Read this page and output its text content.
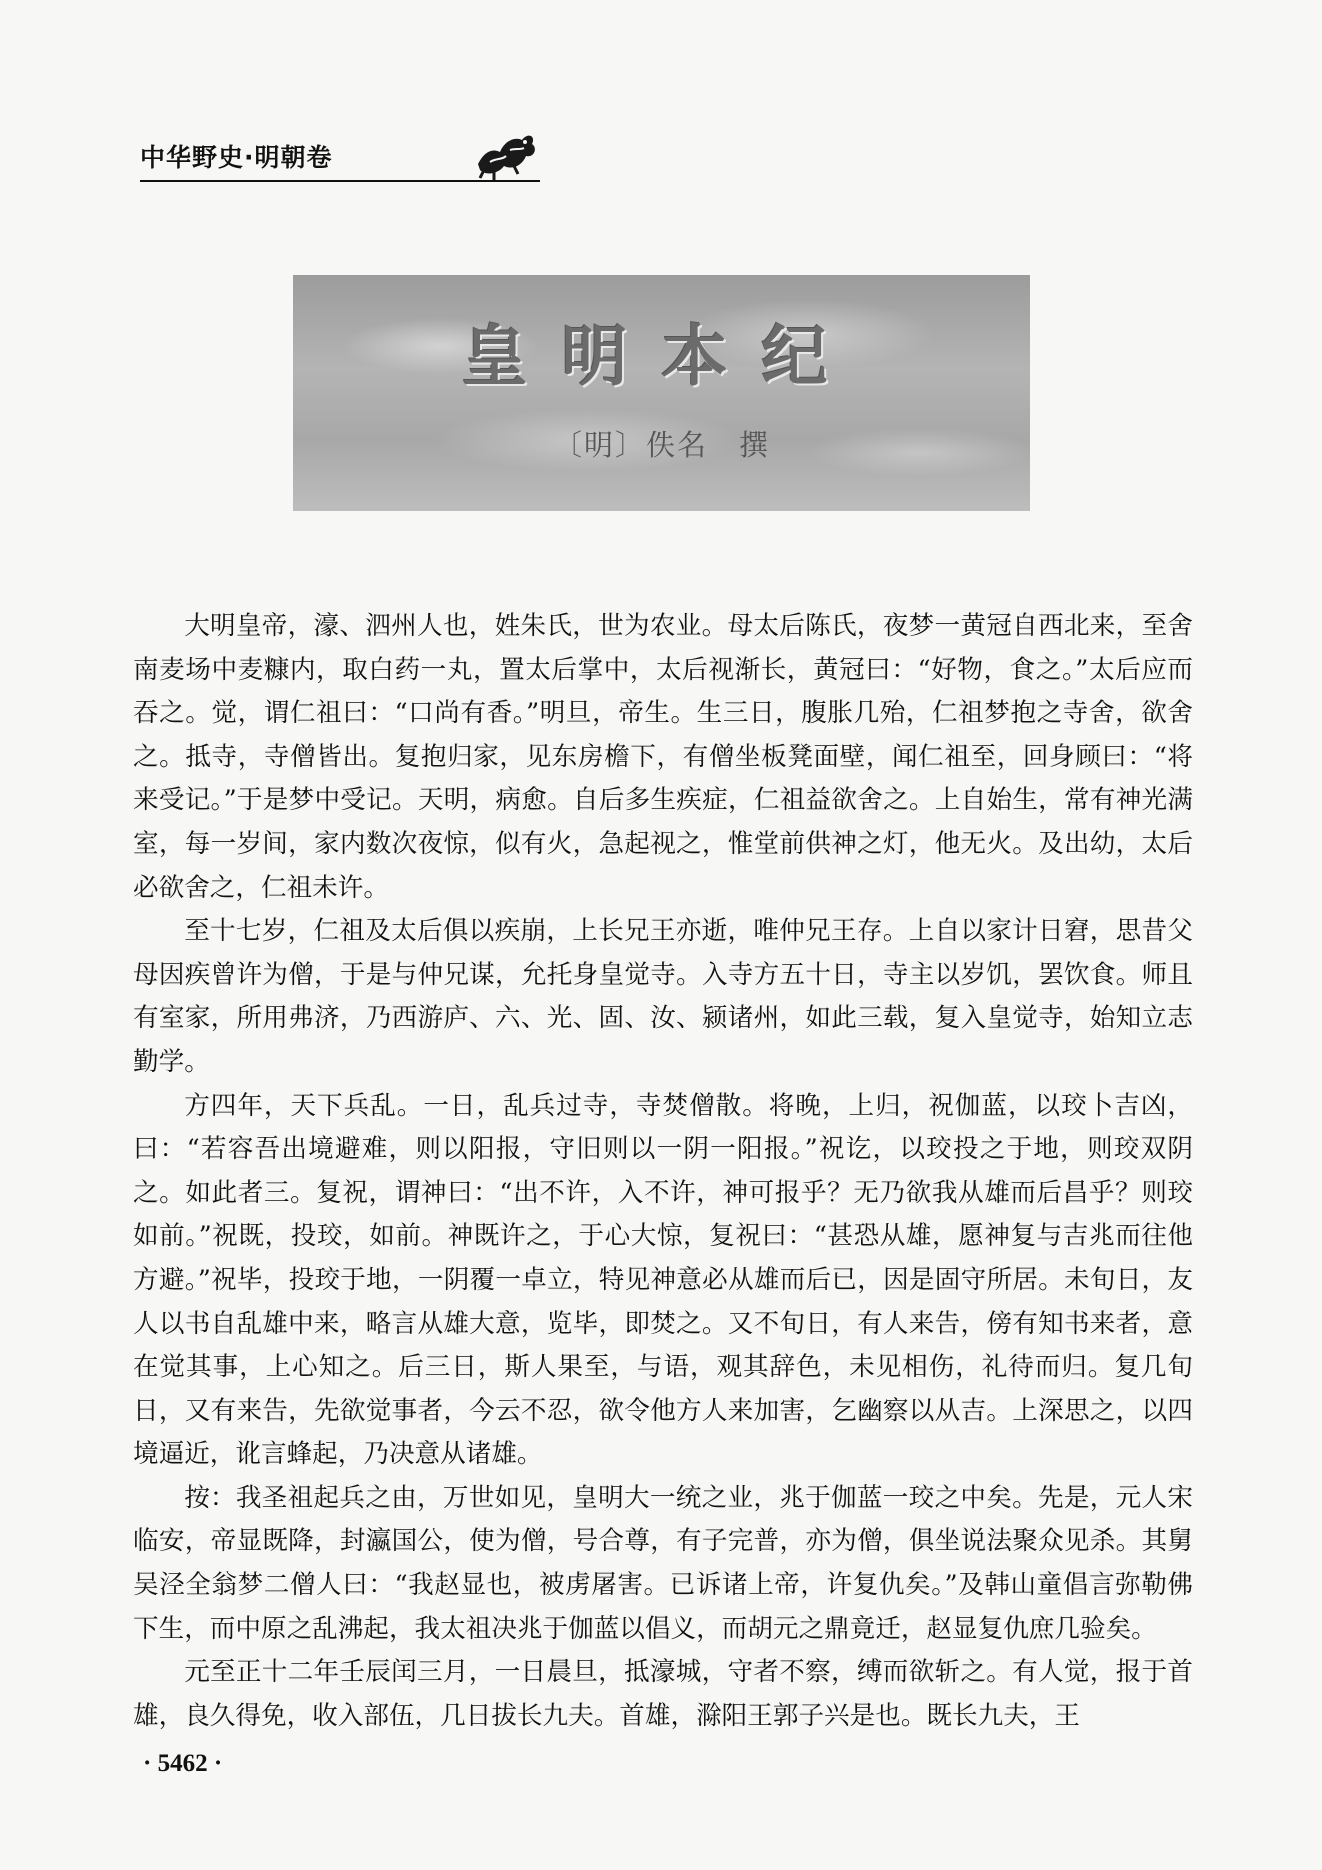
中华野史·明朝卷
皇明本纪
〔明〕佚名　撰

大明皇帝，濠、泗州人也，姓朱氏，世为农业。母太后陈氏，夜梦一黄冠自西北来，至舍南麦场中麦糠内，取白药一丸，置太后掌中，太后视渐长，黄冠曰：“好物，食之。”太后应而吞之。觉，谓仁祖曰：“口尚有香。”明旦，帝生。生三日，腹胀几殆，仁祖梦抱之寺舍，欲舍之。抵寺，寺僧皆出。复抱归家，见东房檐下，有僧坐板凳面壁，闻仁祖至，回身顾曰：“将来受记。”于是梦中受记。天明，病愈。自后多生疾症，仁祖益欲舍之。上自始生，常有神光满室，每一岁间，家内数次夜惊，似有火，急起视之，惟堂前供神之灯，他无火。及出幼，太后必欲舍之，仁祖未许。

至十七岁，仁祖及太后俱以疾崩，上长兄王亦逝，唯仲兄王存。上自以家计日窘，思昔父母因疾曾许为僧，于是与仲兄谋，允托身皇觉寺。入寺方五十日，寺主以岁饥，罢饮食。师且有室家，所用弗济，乃西游庐、六、光、固、汝、颍诸州，如此三载，复入皇觉寺，始知立志勤学。

方四年，天下兵乱。一日，乱兵过寺，寺焚僧散。将晚，上归，祝伽蓝，以珓卜吉凶，曰：“若容吾出境避难，则以阳报，守旧则以一阴一阳报。”祝讫，以珓投之于地，则珓双阴之。如此者三。复祝，谓神曰：“出不许，入不许，神可报乎？无乃欲我从雄而后昌乎？则珓如前。”祝既，投珓，如前。神既许之，于心大惊，复祝曰：“甚恐从雄，愿神复与吉兆而往他方避。”祝毕，投珓于地，一阴覆一卓立，特见神意必从雄而后已，因是固守所居。未旬日，友人以书自乱雄中来，略言从雄大意，览毕，即焚之。又不旬日，有人来告，傍有知书来者，意在觉其事，上心知之。后三日，斯人果至，与语，观其辞色，未见相伤，礼待而归。复几旬日，又有来告，先欲觉事者，今云不忍，欲令他方人来加害，乞幽察以从吉。上深思之，以四境逼近，讹言蜂起，乃决意从诸雄。

按：我圣祖起兵之由，万世如见，皇明大一统之业，兆于伽蓝一珓之中矣。先是，元人宋临安，帝显既降，封瀛国公，使为僧，号合尊，有子完普，亦为僧，俱坐说法聚众见杀。其舅吴泾全翁梦二僧人曰：“我赵显也，被虏屠害。已诉诸上帝，许复仇矣。”及韩山童倡言弥勒佛下生，而中原之乱沸起，我太祖决兆于伽蓝以倡义，而胡元之鼎竟迁，赵显复仇庶几验矣。

元至正十二年壬辰闰三月，一日晨旦，抵濠城，守者不察，缚而欲斩之。有人觉，报于首雄，良久得免，收入部伍，几日拔长九夫。首雄，滁阳王郭子兴是也。既长九夫，王

· 5462 ·
